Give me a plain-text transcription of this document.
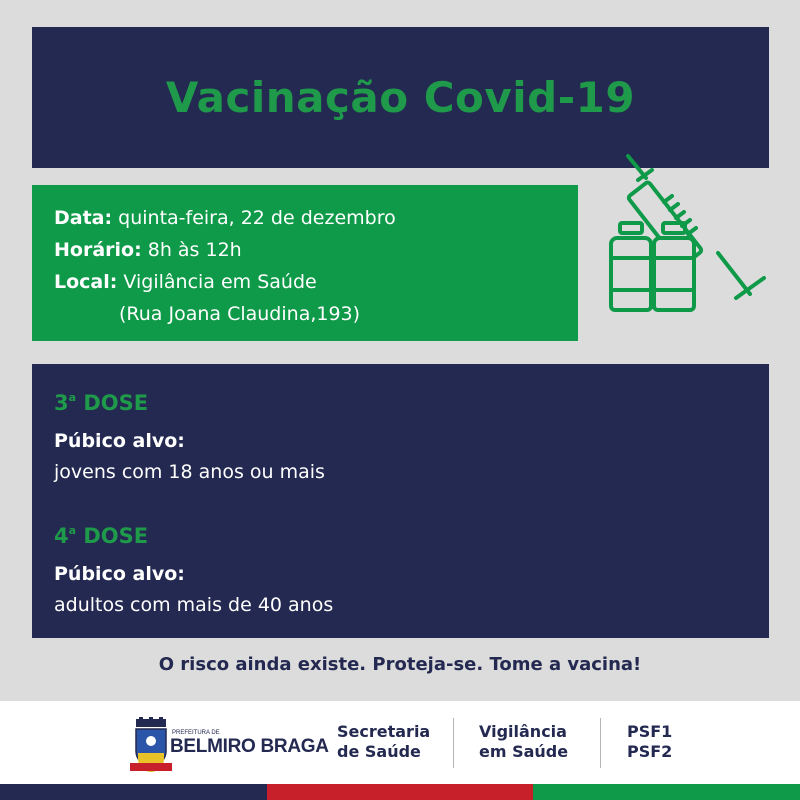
Vacinação Covid-19
Data: quinta-feira, 22 de dezembro
Horário: 8h às 12h
Local: Vigilância em Saúde
(Rua Joana Claudina,193)
3$^a$ DOSE
Púbico alvo:
jovens com 18 anos ou mais
4$^a$ DOSE
Púbico alvo:
adultos com mais de 40 anos
O risco ainda existe. Proteja-se. Tome a vacina!
PREFEITURA DE
BELMIRO BRAGA
Secretaria
de Saúde
Vigilância
em Saúde
PSF1
PSF2
